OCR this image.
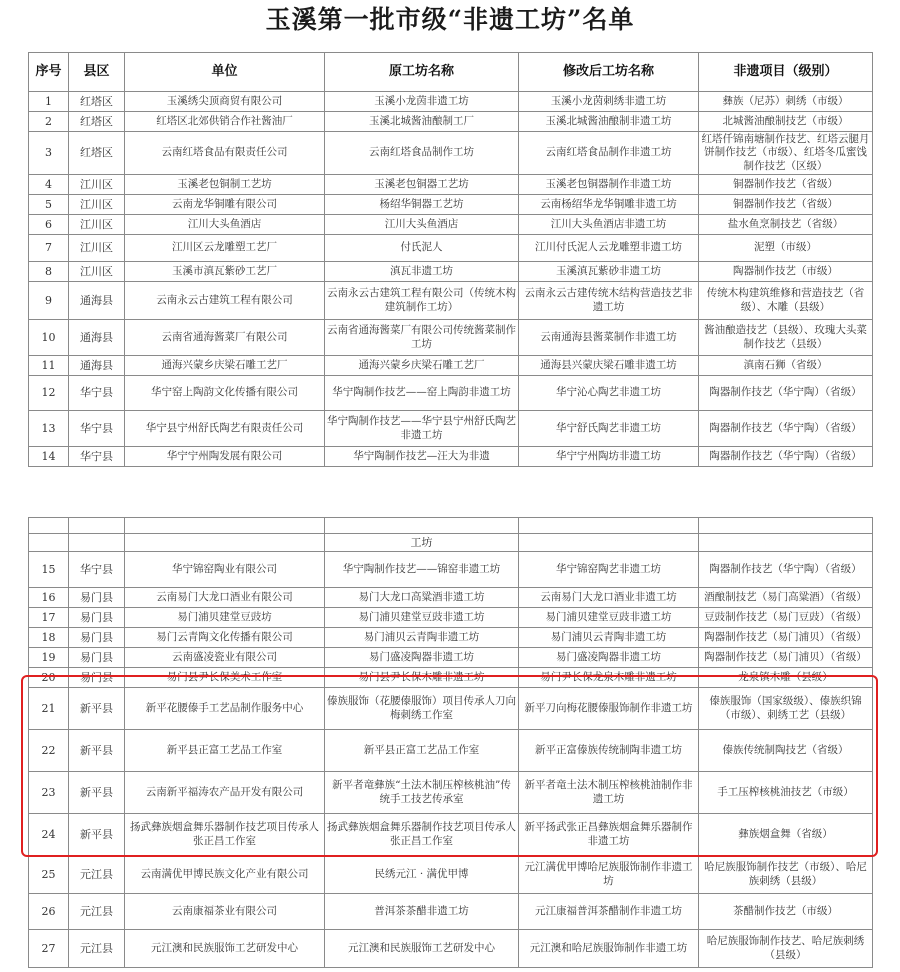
玉溪第一批市级“非遗工坊”名单
序号	县区	单位	原工坊名称	修改后工坊名称	非遗项目（级别）
1	红塔区	玉溪绣尖顶商贸有限公司	玉溪小龙茵非遗工坊	玉溪小龙茵刺绣非遗工坊	彝族（尼苏）刺绣（市级）
2	红塔区	红塔区北郊供销合作社酱油厂	玉溪北城酱油酿制工厂	玉溪北城酱油酿制非遗工坊	北城酱油酿制技艺（市级）
3	红塔区	云南红塔食品有限责任公司	云南红塔食品制作工坊	云南红塔食品制作非遗工坊	红塔仟锦南塘制作技艺、红塔云腿月饼制作技艺（市级）、红塔冬瓜蜜饯制作技艺（区级）
4	江川区	玉溪老包铜制工艺坊	玉溪老包铜器工艺坊	玉溪老包铜器制作非遗工坊	铜器制作技艺（省级）
5	江川区	云南龙华铜雕有限公司	杨绍华铜器工艺坊	云南杨绍华龙华铜雕非遗工坊	铜器制作技艺（省级）
6	江川区	江川大头鱼酒店	江川大头鱼酒店	江川大头鱼酒店非遗工坊	盐水鱼烹制技艺（省级）
7	江川区	江川区云龙雕塑工艺厂	付氏泥人	江川付氏泥人云龙雕塑非遗工坊	泥塑（市级）
8	江川区	玉溪市滇瓦紫砂工艺厂	滇瓦非遗工坊	玉溪滇瓦紫砂非遗工坊	陶器制作技艺（市级）
9	通海县	云南永云古建筑工程有限公司	云南永云古建筑工程有限公司（传统木构建筑制作工坊）	云南永云古建传统木结构营造技艺非遗工坊	传统木构建筑维修和营造技艺（省级）、木雕（县级）
10	通海县	云南省通海酱菜厂有限公司	云南省通海酱菜厂有限公司传统酱菜制作工坊	云南通海县酱菜制作非遗工坊	酱油酿造技艺（县级）、玫瑰大头菜制作技艺（县级）
11	通海县	通海兴蒙乡庆梁石雕工艺厂	通海兴蒙乡庆梁石雕工艺厂	通海县兴蒙庆梁石雕非遗工坊	滇南石狮（省级）
12	华宁县	华宁窑上陶韵文化传播有限公司	华宁陶制作技艺——窑上陶韵非遗工坊	华宁沁心陶艺非遗工坊	陶器制作技艺（华宁陶）（省级）
13	华宁县	华宁县宁州舒氏陶艺有限责任公司	华宁陶制作技艺——华宁县宁州舒氏陶艺非遗工坊	华宁舒氏陶艺非遗工坊	陶器制作技艺（华宁陶）（省级）
14	华宁县	华宁宁州陶发展有限公司	华宁陶制作技艺—汪大为非遗	华宁宁州陶坊非遗工坊	陶器制作技艺（华宁陶）（省级）

			工坊		
15	华宁县	华宁锦窑陶业有限公司	华宁陶制作技艺——锦窑非遗工坊	华宁锦窑陶艺非遗工坊	陶器制作技艺（华宁陶）（省级）
16	易门县	云南易门大龙口酒业有限公司	易门大龙口高粱酒非遗工坊	云南易门大龙口酒业非遗工坊	酒酿制技艺（易门高粱酒）（省级）
17	易门县	易门浦贝建堂豆豉坊	易门浦贝建堂豆豉非遗工坊	易门浦贝建堂豆豉非遗工坊	豆豉制作技艺（易门豆豉）（省级）
18	易门县	易门云青陶文化传播有限公司	易门浦贝云青陶非遗工坊	易门浦贝云青陶非遗工坊	陶器制作技艺（易门浦贝）（省级）
19	易门县	云南盛凌瓷业有限公司	易门盛凌陶器非遗工坊	易门盛凌陶器非遗工坊	陶器制作技艺（易门浦贝）（省级）
20	易门县	易门县尹长保美术工作室	易门县尹长保木雕非遗工坊	易门尹长保龙泉木雕非遗工坊	龙泉镇木雕（县级）
21	新平县	新平花腰傣手工艺品制作服务中心	傣族服饰（花腰傣服饰）项目传承人刀向梅刺绣工作室	新平刀向梅花腰傣服饰制作非遗工坊	傣族服饰（国家级级）、傣族织锦（市级）、刺绣工艺（县级）
22	新平县	新平县正富工艺品工作室	新平县正富工艺品工作室	新平正富傣族传统制陶非遗工坊	傣族传统制陶技艺（省级）
23	新平县	云南新平福涛农产品开发有限公司	新平者竜彝族“土法木制压榨核桃油”传统手工技艺传承室	新平者竜土法木制压榨核桃油制作非遗工坊	手工压榨核桃油技艺（市级）
24	新平县	扬武彝族烟盒舞乐器制作技艺项目传承人张正昌工作室	扬武彝族烟盒舞乐器制作技艺项目传承人张正昌工作室	新平扬武张正昌彝族烟盒舞乐器制作非遗工坊	彝族烟盒舞（省级）
25	元江县	云南满优甲博民族文化产业有限公司	民绣元江 · 满优甲博	元江满优甲博哈尼族服饰制作非遗工坊	哈尼族服饰制作技艺（市级）、哈尼族刺绣（县级）
26	元江县	云南康福茶业有限公司	普洱茶茶醋非遗工坊	元江康福普洱茶醋制作非遗工坊	茶醋制作技艺（市级）
27	元江县	元江澳和民族服饰工艺研发中心	元江澳和民族服饰工艺研发中心	元江澳和哈尼族服饰制作非遗工坊	哈尼族服饰制作技艺、哈尼族刺绣（县级）
